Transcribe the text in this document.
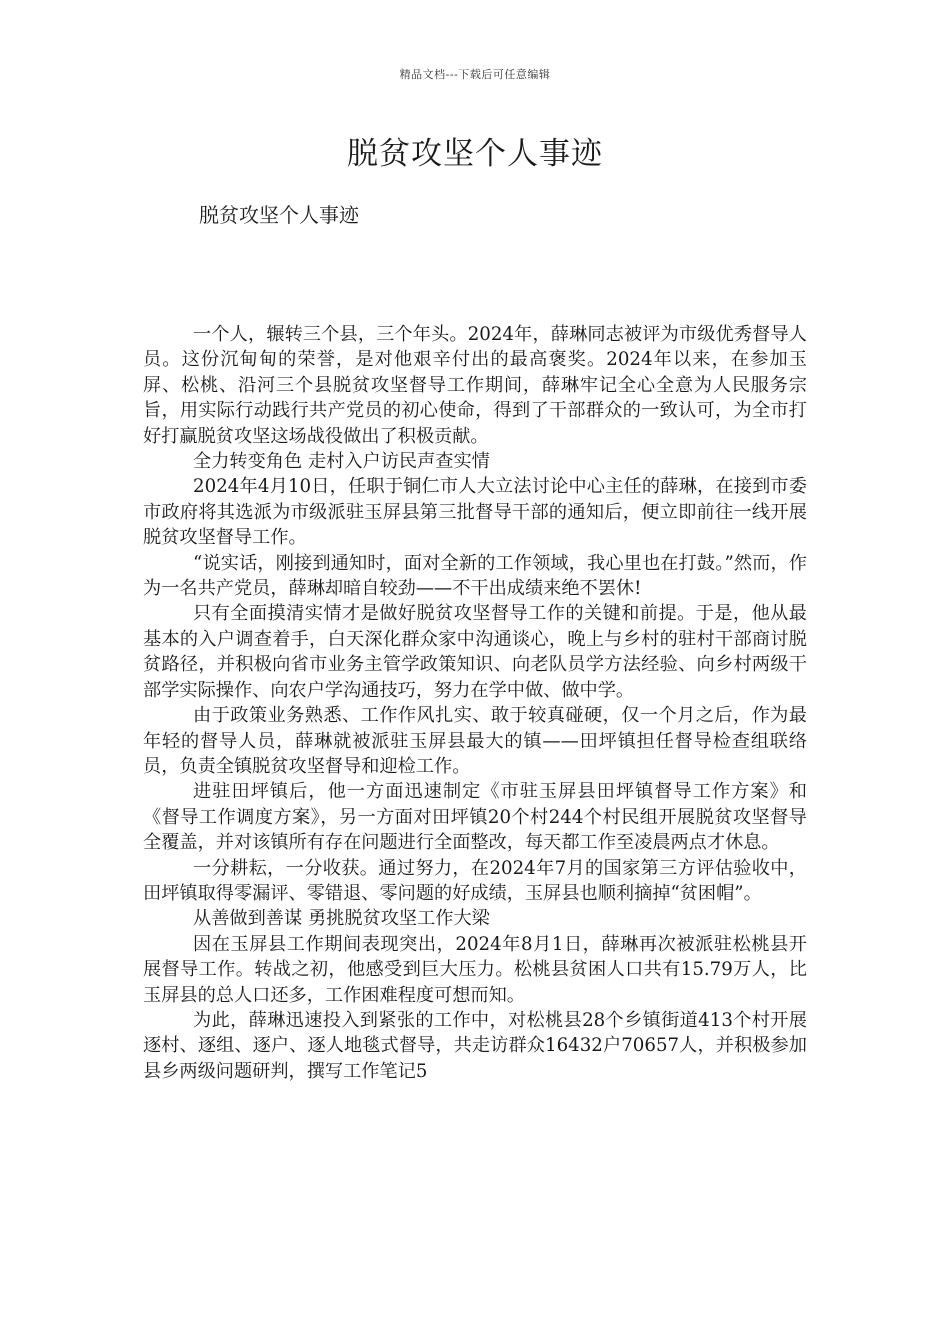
精品文档---下载后可任意编辑
脱贫攻坚个人事迹

脱贫攻坚个人事迹

一个人，辗转三个县，三个年头。2024年，薛琳同志被评为市级优秀督导人员。这份沉甸甸的荣誉，是对他艰辛付出的最高褒奖。2024年以来，在参加玉屏、松桃、沿河三个县脱贫攻坚督导工作期间，薛琳牢记全心全意为人民服务宗旨，用实际行动践行共产党员的初心使命，得到了干部群众的一致认可，为全市打好打赢脱贫攻坚这场战役做出了积极贡献。

全力转变角色 走村入户访民声查实情

2024年4月10日，任职于铜仁市人大立法讨论中心主任的薛琳，在接到市委市政府将其选派为市级派驻玉屏县第三批督导干部的通知后，便立即前往一线开展脱贫攻坚督导工作。

“说实话，刚接到通知时，面对全新的工作领域，我心里也在打鼓。”然而，作为一名共产党员，薛琳却暗自较劲——不干出成绩来绝不罢休!

只有全面摸清实情才是做好脱贫攻坚督导工作的关键和前提。于是，他从最基本的入户调查着手，白天深化群众家中沟通谈心，晚上与乡村的驻村干部商讨脱贫路径，并积极向省市业务主管学政策知识、向老队员学方法经验、向乡村两级干部学实际操作、向农户学沟通技巧，努力在学中做、做中学。

由于政策业务熟悉、工作作风扎实、敢于较真碰硬，仅一个月之后，作为最年轻的督导人员，薛琳就被派驻玉屏县最大的镇——田坪镇担任督导检查组联络员，负责全镇脱贫攻坚督导和迎检工作。

进驻田坪镇后，他一方面迅速制定《市驻玉屏县田坪镇督导工作方案》和《督导工作调度方案》，另一方面对田坪镇20个村244个村民组开展脱贫攻坚督导全覆盖，并对该镇所有存在问题进行全面整改，每天都工作至凌晨两点才休息。

一分耕耘，一分收获。通过努力，在2024年7月的国家第三方评估验收中，田坪镇取得零漏评、零错退、零问题的好成绩，玉屏县也顺利摘掉“贫困帽”。

从善做到善谋 勇挑脱贫攻坚工作大梁

因在玉屏县工作期间表现突出，2024年8月1日，薛琳再次被派驻松桃县开展督导工作。转战之初，他感受到巨大压力。松桃县贫困人口共有15.79万人，比玉屏县的总人口还多，工作困难程度可想而知。

为此，薛琳迅速投入到紧张的工作中，对松桃县28个乡镇街道413个村开展逐村、逐组、逐户、逐人地毯式督导，共走访群众16432户70657人，并积极参加县乡两级问题研判，撰写工作笔记5
